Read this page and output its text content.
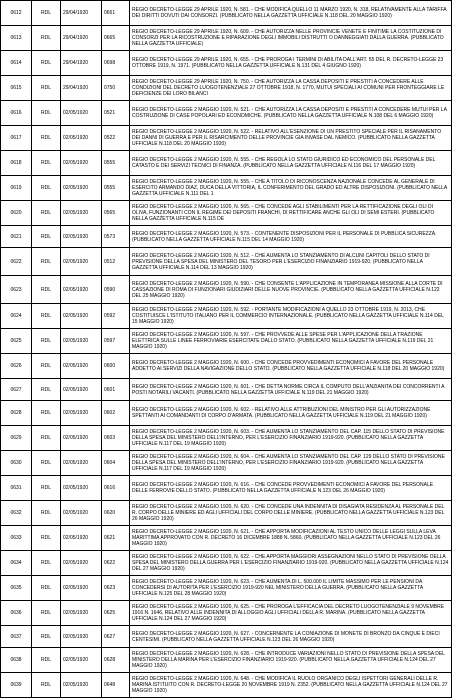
0612	RDL	29/04/1920	0651	REGIO DECRETO-LEGGE 29 APRILE 1920, N. 581. - CHE MODIFICA QUELLO 11 MARZO 1920, N. 318, RELATIVAMENTE ALLA TARIFFA DEI DIRITTI DOVUTI DAI CONSORZI. (PUBBLICATO NELLA GAZZETTA UFFICIALE N.118 DEL 20 MAGGIO 1920)
0613	RDL	29/04/1920	0665	REGIO DECRETO-LEGGE 29 APRILE 1920, N. 609. - CHE AUTORIZZA NELLE PROVINCIE VENETE E FINITIME LA COSTITUZIONE DI CONSORZI PER LA RICOSTRUZIONE E RIPARAZIONE DEGLI IMMOBILI DISTRUTTI O DANNEGGIATI DALLA GUERRA. (PUBBLICATO NELLA GAZZETTA UFFICIALE)
0614	RDL	29/04/1920	0698	REGIO DECRETO-LEGGE 29 APRILE 1920, N. 655. - CHE PROROGA I TERMINI DI ABILITA DALL'ART. 55 DEL R. DECRETO-LEGGE 23 OTTOBRE 1919, N. 1971. (PUBBLICATO NELLA GAZZETTA UFFICIALE N.131 DEL 4 GIUGNO 1920)
0615	RDL	29/04/1920	0750	REGIO DECRETO-LEGGE 29 APRILE 1920, N. 750. - CHE AUTORIZZA LA CASSA DEPOSITI E PRESTITI A CONCEDERE ALLE CONDIZIONI DEL DECRETO LUOGOTENENZIALE 27 OTTOBRE 1918, N. 1770, MUTUI SPECIALI AI COMUNI PER FRONTEGGIARE LE DEFICIENZE DEI LORO BILANCI
0616	RDL	02/05/1920	0521	REGIO DECRETO-LEGGE 2 MAGGIO 1920, N. 521. - CHE AUTORIZZA LA CASSA DEPOSITI E PRESTITI A CONCEDERE MUTUI PER LA COSTRUZIONE DI CASE POPOLARI ED ECONOMICHE. (PUBBLICATO NELLA GAZZETTA UFFICIALE N.108 DEL 6 MAGGIO 1920)
0617	RDL	02/05/1920	0522	REGIO DECRETO-LEGGE 2 MAGGIO 1920, N. 522. - RELATIVO ALL'ESENZIONE DI UN PRESTITO SPECIALE PER IL RISANAMENTO DEI DANNI DI GUERRA E PER IL RISARCIMENTO DELLE PROVINCIE GIA INVASE DAL NEMICO. (PUBBLICATO NELLA GAZZETTA UFFICIALE N.118 DEL 20 MAGGIO 1920)
0618	RDL	02/05/1920	0555	REGIO DECRETO-LEGGE 2 MAGGIO 1920, N. 555. - CHE REGOLA LO STATO GIURIDICO ED ECONOMICO DEL PERSONALE DEL CATASTO E DEI SERVIZI TECNICI DI FINANZA. (PUBBLICATO NELLA GAZZETTA UFFICIALE N.116 DEL 17 MAGGIO 1920)
0619	RDL	02/05/1920	0555	REGIO DECRETO-LEGGE 2 MAGGIO 1920, N. 555. - CHE A TITOLO DI RICONOSCENZA NAZIONALE CONCEDE AL GENERALE DI ESERCITO ARMANDO DIAZ, DUCA DELLA VITTORIA, IL CONFERIMENTO DEL GRADO ED ALTRE DISPOSIZIONI. (PUBBLICATO NELLA GAZZETTA UFFICIALE N.111 DEL 1
0620	RDL	02/05/1920	0565	REGIO DECRETO-LEGGE 2 MAGGIO 1920, N. 565. - CHE CONCEDE AGLI STABILIMENTI PER LA RETTIFICAZIONE DEGLI OLI DI OLIVA, FUNZIONANTI CON IL REGIME DEI DEPOSITI FRANCHI, DI RETTIFICARE ANCHE GLI OLI DI SEMI ESTERI. (PUBBLICATO NELLA GAZZETTA UFFICIALE N.115 DE
0621	RDL	02/05/1920	0573	REGIO DECRETO-LEGGE 2 MAGGIO 1920, N. 573. - CONTENENTE DISPOSIZIONI PER IL PERSONALE DI PUBBLICA SICUREZZA. (PUBBLICATO NELLA GAZZETTA UFFICIALE N.115 DEL 14 MAGGIO 1920)
0622	RDL	02/05/1920	0512	REGIO DECRETO-LEGGE 2 MAGGIO 1920, N. 512. - CHE AUMENTA LO STANZIAMENTO DI ALCUNI CAPITOLI DELLO STATO DI PREVISIONE DELLA SPESA DEL MINISTERO DEL TESORO PER L'ESERCIZIO FINANZIARIO 1919-920. (PUBBLICATO NELLA GAZZETTA UFFICIALE N.114 DEL 13 MAGGIO 1920)
0623	RDL	02/05/1920	0590	REGIO DECRETO-LEGGE 2 MAGGIO 1920, N. 590. - CHE CONSENTE L'APPLICAZIONE IN TEMPORANEA MISSIONE ALLA CORTE DI CASSAZIONE DI ROMA DI FUNZIONARI GIUDIZIARI DELLE NUOVE PROVINCIE. (PUBBLICATO NELLA GAZZETTA UFFICIALE N.122 DEL 25 MAGGIO 1920)
0624	RDL	02/05/1920	0592	REGIO DECRETO-LEGGE 2 MAGGIO 1920, N. 592. - PORTANTE MODIFICAZIONI A QUELLO 23 OTTOBRE 1919, N. 2013, CHE COSTITUISCE L'ISTITUTO ITALIANO PER IL COMMERCIO INTERNAZIONALE. (PUBBLICATO NELLA GAZZETTA UFFICIALE N.114 DEL 15 MAGGIO 1920)
0625	RDL	02/05/1920	0597	REGIO DECRETO-LEGGE 2 MAGGIO 1920, N. 597. - CHE PROVVEDE ALLE SPESE PER L'APPLICAZIONE DELLA TRAZIONE ELETTRICA SULLE LINEE FERROVIARIE ESERCITATE DALLO STATO. (PUBBLICATO NELLA GAZZETTA UFFICIALE N.119 DEL 21 MAGGIO 1920)
0626	RDL	02/05/1920	0600	REGIO DECRETO-LEGGE 2 MAGGIO 1920, N. 600. - CHE CONCEDE PROVVEDIMENTI ECONOMICI A FAVORE DEL PERSONALE ADDETTO AI SERVIZI DELLA NAVIGAZIONE DELLO STATO. (PUBBLICATO NELLA GAZZETTA UFFICIALE N.118 DEL 20 MAGGIO 1920)
0627	RDL	02/05/1920	0601	REGIO DECRETO-LEGGE 2 MAGGIO 1920, N. 601. - CHE DETTA NORME CIRCA IL COMPUTO DELL'ANZIANITA DEI CONCORRENTI A POSTI NOTARILI VACANTI. (PUBBLICATO NELLA GAZZETTA UFFICIALE N.119 DEL 21 MAGGIO 1920)
0628	RDL	02/05/1920	0602	REGIO DECRETO-LEGGE 2 MAGGIO 1920, N. 602. - RELATIVO ALLE ATTRIBUZIONI DEL MINISTRO PER GLI AUTORIZZAZIONE SPETTANTI AI COMANDANTI DI CORPO D'ARMATA. (PUBBLICATO NELLA GAZZETTA UFFICIALE N.119 DEL 21 MAGGIO 1920)
0629	RDL	02/05/1920	0603	REGIO DECRETO-LEGGE 2 MAGGIO 1920, N. 603. - CHE AUMENTA LO STANZIAMENTO DEL CAP. 115 DELLO STATO DI PREVISIONE DELLA SPESA DEL MINISTERO DELL'INTERNO, PER L'ESERCIZIO FINANZIARIO 1919-920. (PUBBLICATO NELLA GAZZETTA UFFICIALE N.117 DEL 19 MAGGIO 1920)
0630	RDL	02/05/1920	0604	REGIO DECRETO-LEGGE 2 MAGGIO 1920, N. 604. - CHE AUMENTA LO STANZIAMENTO DEL CAP. 129 DELLO STATO DI PREVISIONE DELLA SPESA DEL MINISTERO DELL'INTERNO, PER L'ESERCIZIO FINANZIARIO 1919-920. (PUBBLICATO NELLA GAZZETTA UFFICIALE N.117 DEL 19 MAGGIO 1920)
0631	RDL	02/05/1920	0616	REGIO DECRETO-LEGGE 2 MAGGIO 1920, N. 616. - CHE CONCEDE PROVVEDIMENTI ECONOMICI A FAVORE DEL PERSONALE DELLE FERROVIE DELLO STATO. (PUBBLICATO NELLA GAZZETTA UFFICIALE N.123 DEL 26 MAGGIO 1920)
0632	RDL	02/05/1920	0620	REGIO DECRETO-LEGGE 2 MAGGIO 1920, N. 620. - CHE CONCEDE UNA INDENNITA DI DISAGIATA RESIDENZA AL PERSONALE DEL R. CORPO DELLE MINIERE ED AGLI UFFICIALI DEL CORPO DELLE MINIERE. (PUBBLICATO NELLA GAZZETTA UFFICIALE N.123 DEL 26 MAGGIO 1920)
0633	RDL	02/05/1920	0621	REGIO DECRETO-LEGGE 2 MAGGIO 1920, N. 621. - CHE APPORTA MODIFICAZIONI AL TESTO UNICO DELLE LEGGI SULLA LEVA MARITTIMA APPROVATO CON R. DECRETO 16 DICEMBRE 1888 N. 5860. (PUBBLICATO NELLA GAZZETTA UFFICIALE N.123 DEL 26 MAGGIO 1920)
0634	RDL	02/05/1920	0622	REGIO DECRETO-LEGGE 2 MAGGIO 1920, N. 622. - CHE APPORTA MAGGIORI ASSEGNAZIONI NELLO STATO DI PREVISIONE DELLA SPESA DEL MINISTERO DELLA GUERRA PER L'ESERCIZIO FINANZIARIO 1919-920. (PUBBLICATO NELLA GAZZETTA UFFICIALE N.124 DEL 27 MAGGIO 1920)
0635	RDL	02/05/1920	0623	REGIO DECRETO-LEGGE 2 MAGGIO 1920, N. 623. - CHE AUMENTA DI L. 500.000 IL LIMITE MASSIMO PER LE PENSIONI DA CONCEDERSI DI AUTORITA PER L'ESERCIZIO 1919-920 NEL MINISTERO DELLA GUERRA. (PUBBLICATO NELLA GAZZETTA UFFICIALE N.125 DEL 28 MAGGIO 1920)
0636	RDL	02/05/1920	0625	REGIO DECRETO-LEGGE 2 MAGGIO 1920, N. 625. - CHE PROROGA L'EFFICACIA DEL DECRETO LUOGOTENENZIALE 9 NOVEMBRE 1916 N. 1646, RELATIVO ALLE INDENNITA DI ALLOGGIO AGLI UFFICIALI DELLA R. MARINA. (PUBBLICATO NELLA GAZZETTA UFFICIALE N.124 DEL 27 MAGGIO 1920)
0637	RDL	02/05/1920	0627	REGIO DECRETO-LEGGE 2 MAGGIO 1920, N. 627. - CONCERNENTE LA CONIAZIONE DI MONETE DI BRONZO DA CINQUE E DIECI CENTESIMI. (PUBBLICATO NELLA GAZZETTA UFFICIALE N.123 DEL 26 MAGGIO 1920)
0638	RDL	02/05/1920	0628	REGIO DECRETO-LEGGE 2 MAGGIO 1920, N. 628. - CHE INTRODUCE VARIAZIONI NELLO STATO DI PREVISIONE DELLA SPESA DEL MINISTERO DELLA MARINA PER L'ESERCIZIO FINANZIARIO 1919-920. (PUBBLICATO NELLA GAZZETTA UFFICIALE N.124 DEL 27 MAGGIO 1920)
0639	RDL	02/05/1920	0648	REGIO DECRETO-LEGGE 2 MAGGIO 1920, N. 648. - CHE MODIFICA IL RUOLO ORGANICO DEGLI ISPETTORI GENERALI DELLE R. MARINA ISTITUITO CON R. DECRETO-LEGGE 20 NOVEMBRE 1919 N. 2352. (PUBBLICATO NELLA GAZZETTA UFFICIALE N.124 DEL 27 MAGGIO 1920)
